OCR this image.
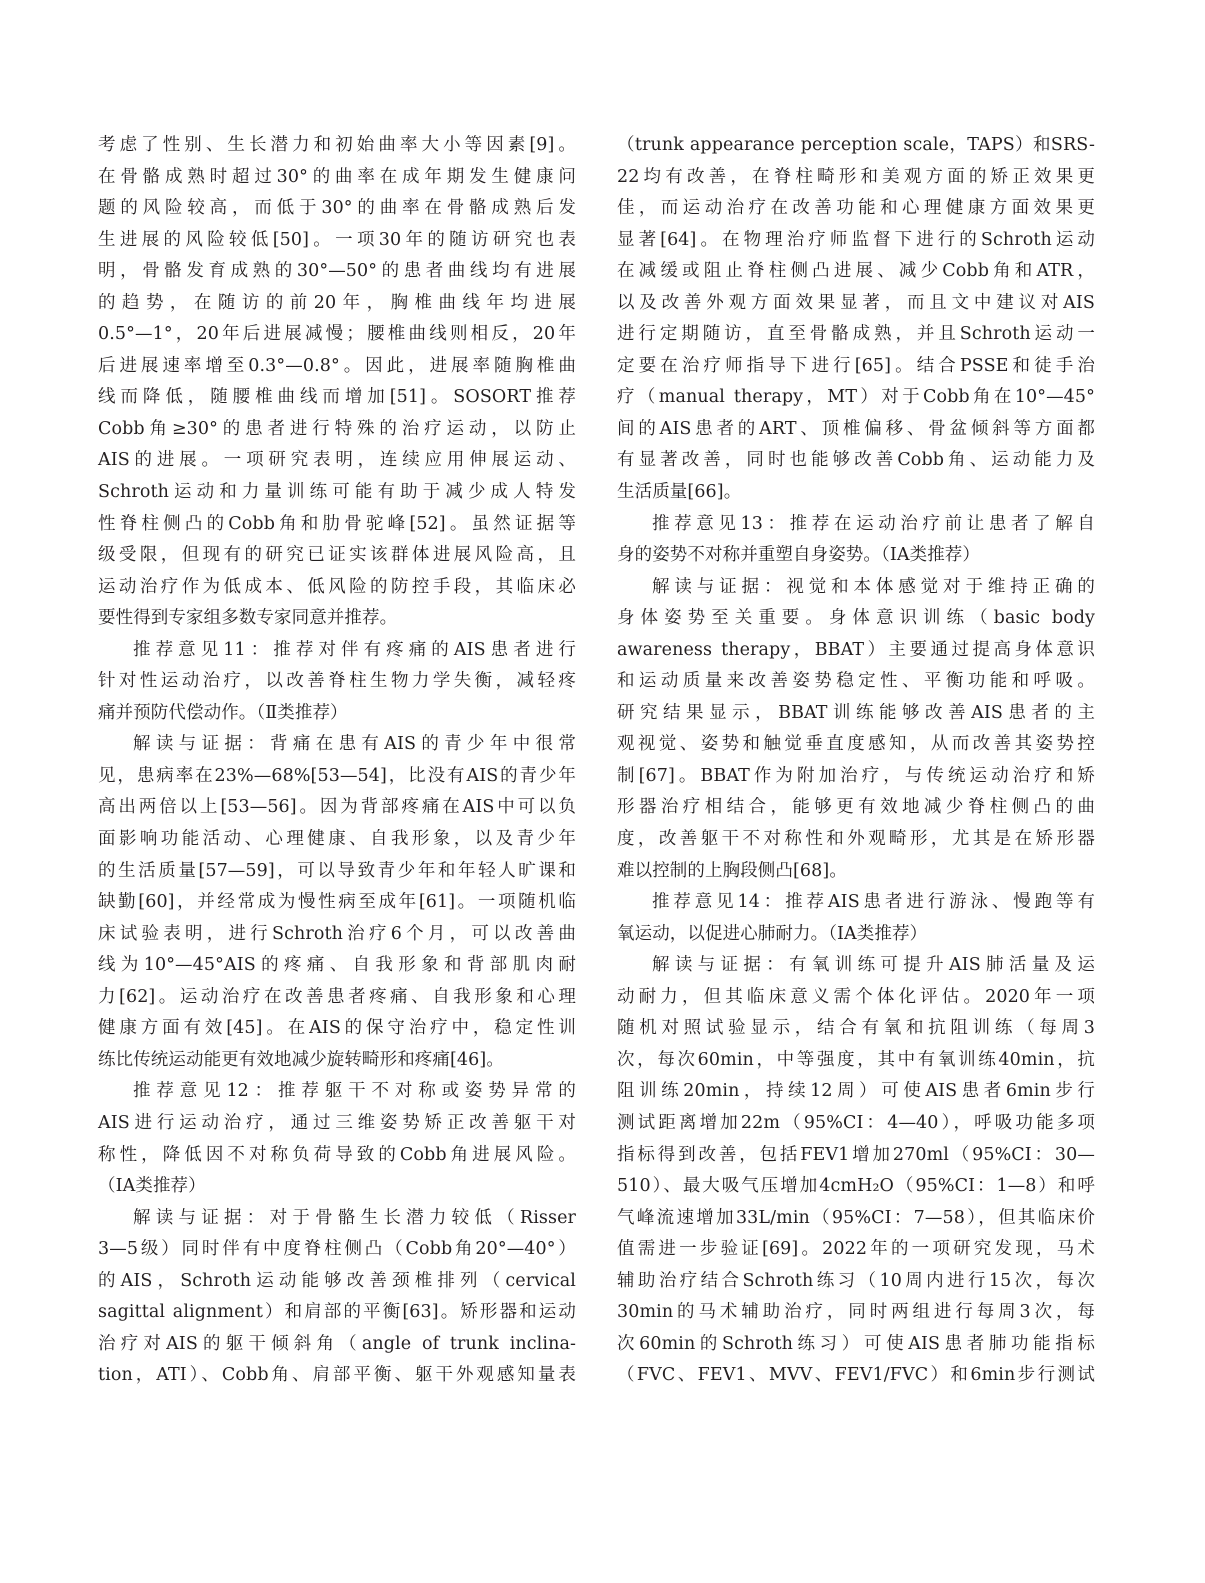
考虑了性别、生长潜力和初始曲率大小等因素[9]。
在骨骼成熟时超过30°的曲率在成年期发生健康问
题的风险较高，而低于30°的曲率在骨骼成熟后发
生进展的风险较低[50]。一项30年的随访研究也表
明，骨骼发育成熟的30°—50°的患者曲线均有进展
的趋势，在随访的前20年，胸椎曲线年均进展
0.5°—1°，20年后进展减慢；腰椎曲线则相反，20年
后进展速率增至0.3°—0.8°。因此，进展率随胸椎曲
线而降低，随腰椎曲线而增加[51]。SOSORT推荐
Cobb角≥30°的患者进行特殊的治疗运动，以防止
AIS的进展。一项研究表明，连续应用伸展运动、
Schroth运动和力量训练可能有助于减少成人特发
性脊柱侧凸的Cobb角和肋骨驼峰[52]。虽然证据等
级受限，但现有的研究已证实该群体进展风险高，且
运动治疗作为低成本、低风险的防控手段，其临床必
要性得到专家组多数专家同意并推荐。
推荐意见11：推荐对伴有疼痛的AIS患者进行
针对性运动治疗，以改善脊柱生物力学失衡，减轻疼
痛并预防代偿动作。（Ⅱ类推荐）
解读与证据：背痛在患有AIS的青少年中很常
见，患病率在23%—68%[53—54]，比没有AIS的青少年
高出两倍以上[53—56]。因为背部疼痛在AIS中可以负
面影响功能活动、心理健康、自我形象，以及青少年
的生活质量[57—59]，可以导致青少年和年轻人旷课和
缺勤[60]，并经常成为慢性病至成年[61]。一项随机临
床试验表明，进行Schroth治疗6个月，可以改善曲
线为10°—45°AIS的疼痛、自我形象和背部肌肉耐
力[62]。运动治疗在改善患者疼痛、自我形象和心理
健康方面有效[45]。在AIS的保守治疗中，稳定性训
练比传统运动能更有效地减少旋转畸形和疼痛[46]。
推荐意见12：推荐躯干不对称或姿势异常的
AIS进行运动治疗，通过三维姿势矫正改善躯干对
称性，降低因不对称负荷导致的Cobb角进展风险。
（ⅠA类推荐）
解读与证据：对于骨骼生长潜力较低（Risser
3—5级）同时伴有中度脊柱侧凸（Cobb角20°—40°）
的AIS，Schroth运动能够改善颈椎排列（cervical
sagittal alignment）和肩部的平衡[63]。矫形器和运动
治疗对AIS的躯干倾斜角（angle of trunk inclina-
tion，ATI）、Cobb角、肩部平衡、躯干外观感知量表
（trunk appearance perception scale，TAPS）和SRS-
22均有改善，在脊柱畸形和美观方面的矫正效果更
佳，而运动治疗在改善功能和心理健康方面效果更
显著[64]。在物理治疗师监督下进行的Schroth运动
在减缓或阻止脊柱侧凸进展、减少Cobb角和ATR，
以及改善外观方面效果显著，而且文中建议对AIS
进行定期随访，直至骨骼成熟，并且Schroth运动一
定要在治疗师指导下进行[65]。结合PSSE和徒手治
疗（manual therapy，MT）对于Cobb角在10°—45°
间的AIS患者的ART、顶椎偏移、骨盆倾斜等方面都
有显著改善，同时也能够改善Cobb角、运动能力及
生活质量[66]。
推荐意见13：推荐在运动治疗前让患者了解自
身的姿势不对称并重塑自身姿势。（ⅠA类推荐）
解读与证据：视觉和本体感觉对于维持正确的
身体姿势至关重要。身体意识训练（basic body
awareness therapy，BBAT）主要通过提高身体意识
和运动质量来改善姿势稳定性、平衡功能和呼吸。
研究结果显示，BBAT训练能够改善AIS患者的主
观视觉、姿势和触觉垂直度感知，从而改善其姿势控
制[67]。BBAT作为附加治疗，与传统运动治疗和矫
形器治疗相结合，能够更有效地减少脊柱侧凸的曲
度，改善躯干不对称性和外观畸形，尤其是在矫形器
难以控制的上胸段侧凸[68]。
推荐意见14：推荐AIS患者进行游泳、慢跑等有
氧运动，以促进心肺耐力。（ⅠA类推荐）
解读与证据：有氧训练可提升AIS肺活量及运
动耐力，但其临床意义需个体化评估。2020年一项
随机对照试验显示，结合有氧和抗阻训练（每周3
次，每次60min，中等强度，其中有氧训练40min，抗
阻训练20min，持续12周）可使AIS患者6min步行
测试距离增加22m（95%CI：4—40），呼吸功能多项
指标得到改善，包括FEV1增加270ml（95%CI：30—
510）、最大吸气压增加4cmH₂O（95%CI：1—8）和呼
气峰流速增加33L/min（95%CI：7—58），但其临床价
值需进一步验证[69]。2022年的一项研究发现，马术
辅助治疗结合Schroth练习（10周内进行15次，每次
30min的马术辅助治疗，同时两组进行每周3次，每
次60min的Schroth练习）可使AIS患者肺功能指标
（FVC、FEV1、MVV、FEV1/FVC）和6min步行测试
